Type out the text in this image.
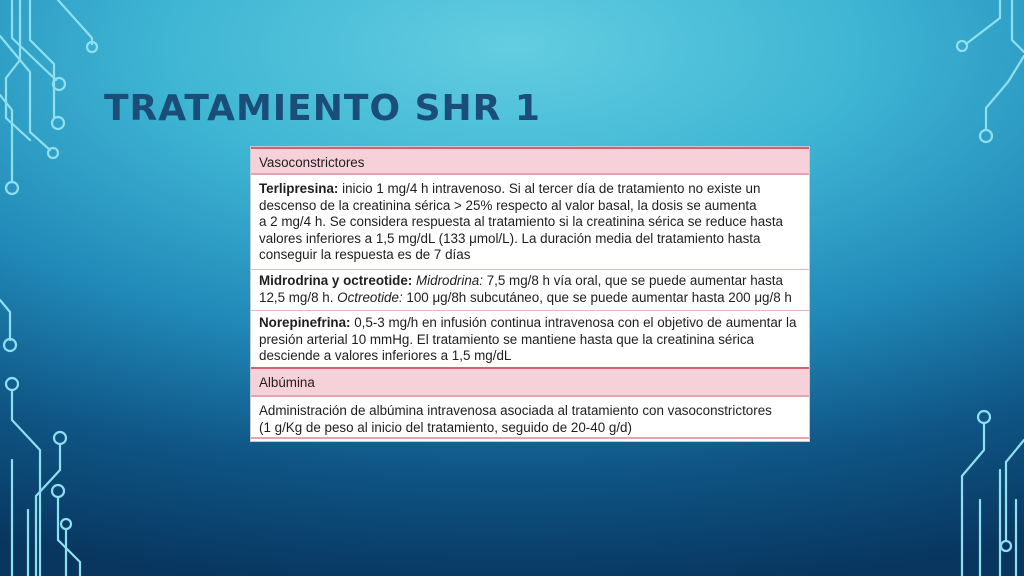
TRATAMIENTO SHR 1
Vasoconstrictores
Terlipresina: inicio 1 mg/4 h intravenoso. Si al tercer día de tratamiento no existe un
descenso de la creatinina sérica > 25% respecto al valor basal, la dosis se aumenta
a 2 mg/4 h. Se considera respuesta al tratamiento si la creatinina sérica se reduce hasta
valores inferiores a 1,5 mg/dL (133 μmol/L). La duración media del tratamiento hasta
conseguir la respuesta es de 7 días
Midrodrina y octreotide: Midrodrina: 7,5 mg/8 h vía oral, que se puede aumentar hasta
12,5 mg/8 h. Octreotide: 100 μg/8h subcutáneo, que se puede aumentar hasta 200 μg/8 h
Norepinefrina: 0,5-3 mg/h en infusión continua intravenosa con el objetivo de aumentar la
presión arterial 10 mmHg. El tratamiento se mantiene hasta que la creatinina sérica
desciende a valores inferiores a 1,5 mg/dL
Albúmina
Administración de albúmina intravenosa asociada al tratamiento con vasoconstrictores
(1 g/Kg de peso al inicio del tratamiento, seguido de 20-40 g/d)
